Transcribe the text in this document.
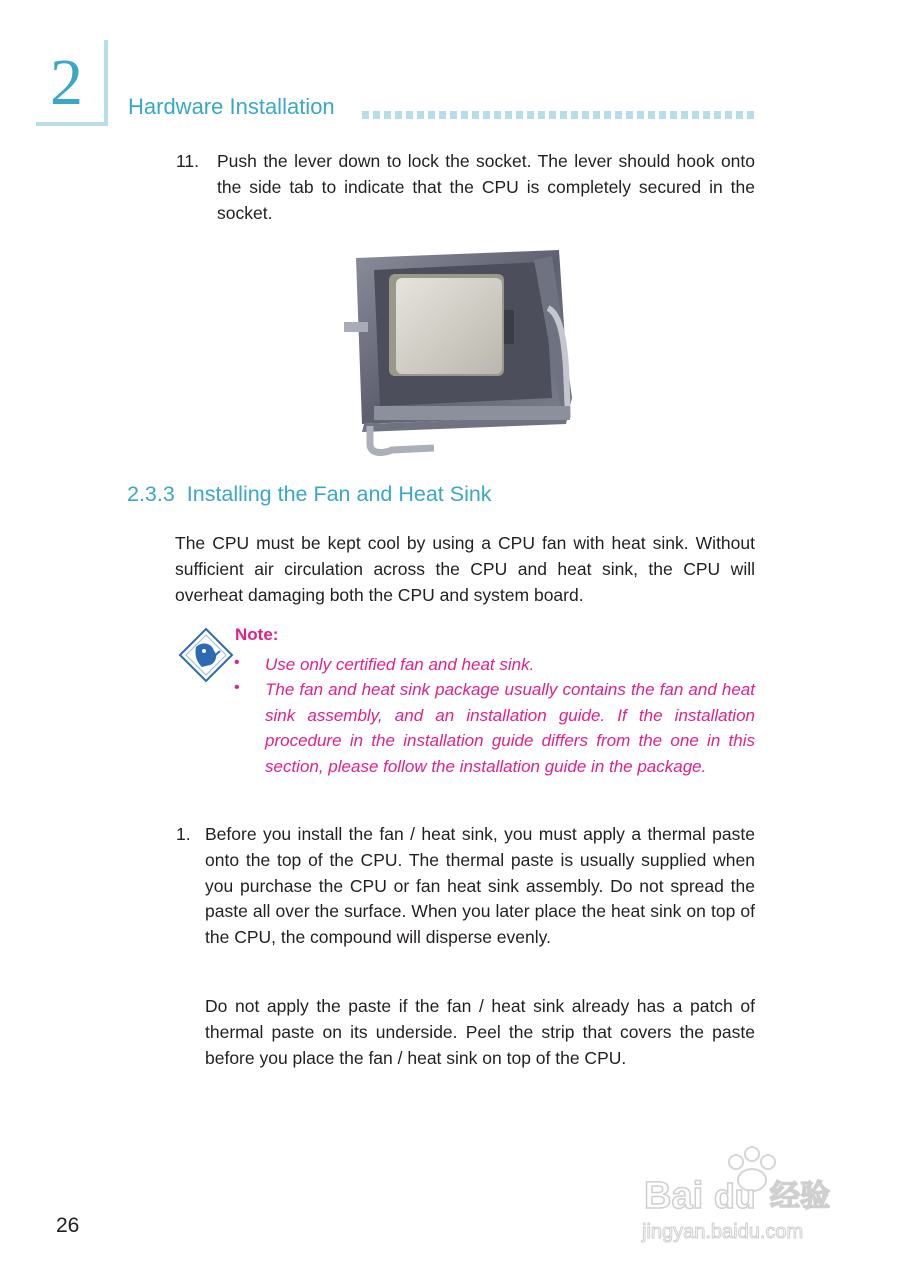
2 Hardware Installation
11. Push the lever down to lock the socket. The lever should hook onto the side tab to indicate that the CPU is completely secured in the socket.
2.3.3 Installing the Fan and Heat Sink
The CPU must be kept cool by using a CPU fan with heat sink. Without sufficient air circulation across the CPU and heat sink, the CPU will overheat damaging both the CPU and system board.
Note:
• Use only certified fan and heat sink.
• The fan and heat sink package usually contains the fan and heat sink assembly, and an installation guide. If the installation procedure in the installation guide differs from the one in this section, please follow the installation guide in the package.
1. Before you install the fan / heat sink, you must apply a thermal paste onto the top of the CPU. The thermal paste is usually supplied when you purchase the CPU or fan heat sink assembly. Do not spread the paste all over the surface. When you later place the heat sink on top of the CPU, the compound will disperse evenly.
Do not apply the paste if the fan / heat sink already has a patch of thermal paste on its underside. Peel the strip that covers the paste before you place the fan / heat sink on top of the CPU.
26
Bai du 经验
jingyan.baidu.com
